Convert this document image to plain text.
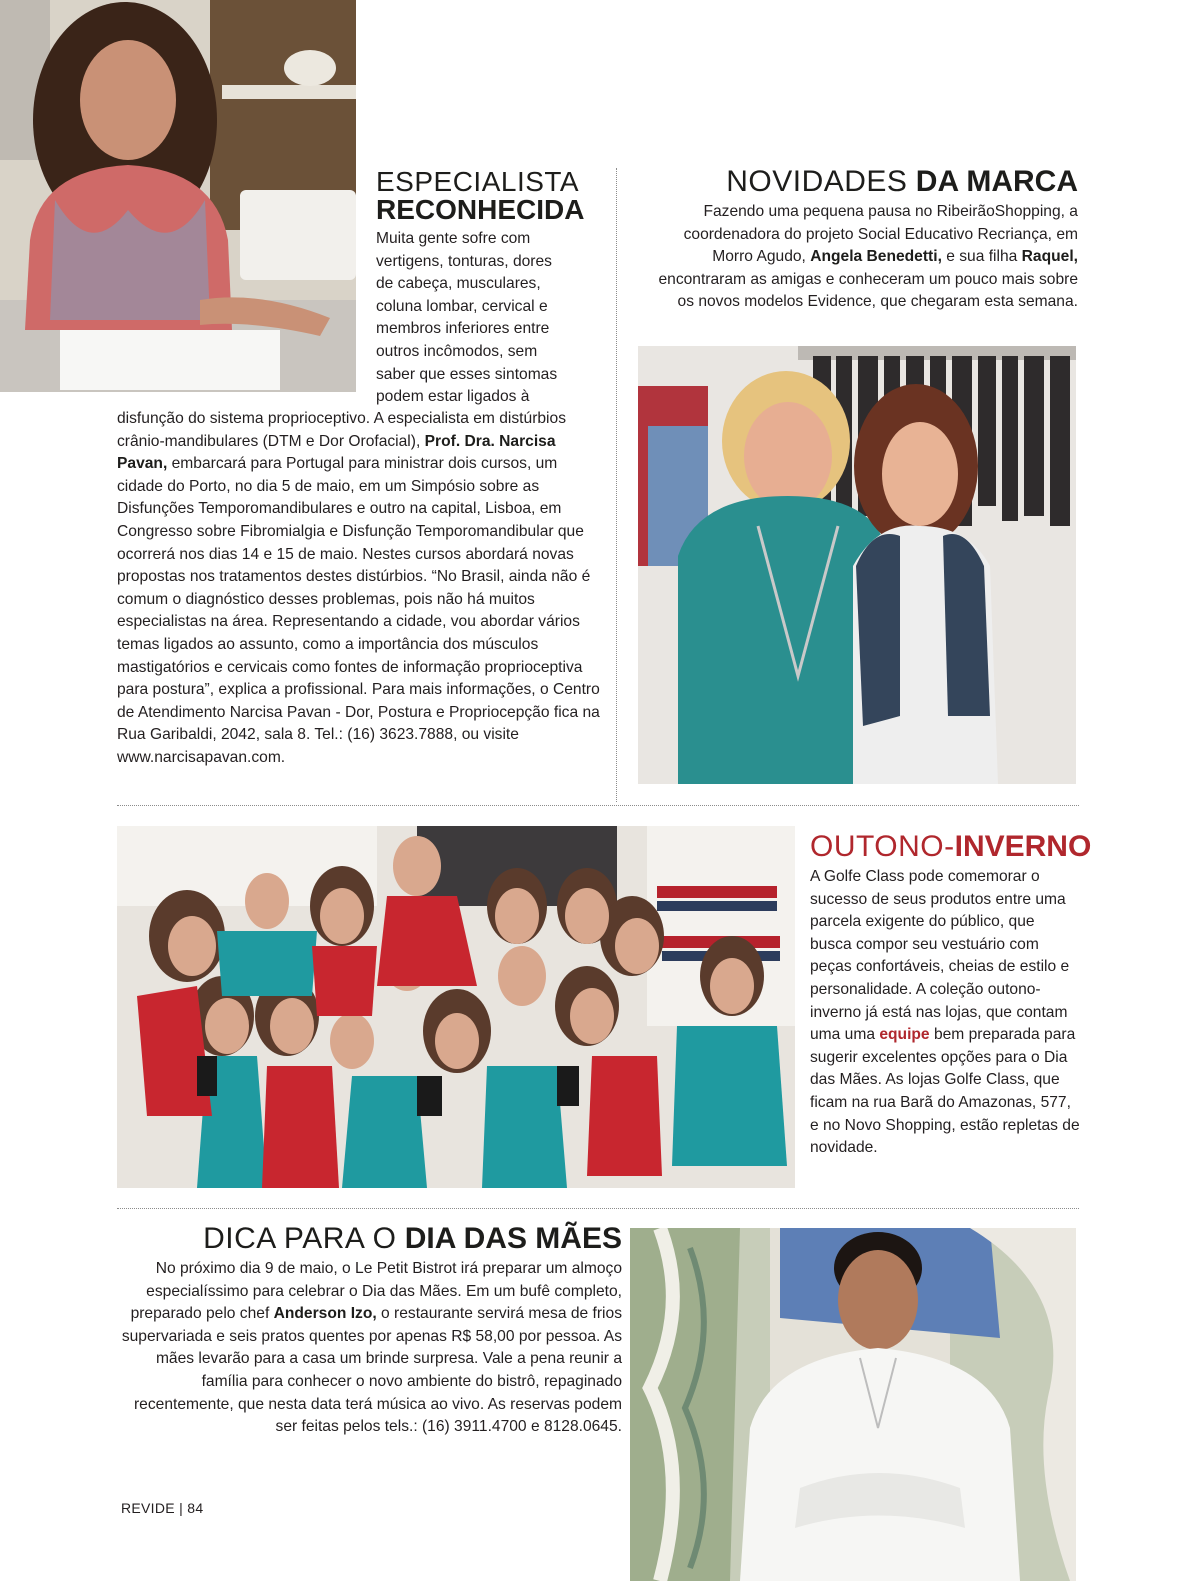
ESPECIALISTA
RECONHECIDA
Muita gente sofre com
vertigens, tonturas, dores
de cabeça, musculares,
coluna lombar, cervical e
membros inferiores entre
outros incômodos, sem
saber que esses sintomas
podem estar ligados à
disfunção do sistema proprioceptivo. A especialista em distúrbios crânio-mandibulares (DTM e Dor Orofacial), Prof. Dra. Narcisa Pavan, embarcará para Portugal para ministrar dois cursos, um cidade do Porto, no dia 5 de maio, em um Simpósio sobre as Disfunções Temporomandibulares e outro na capital, Lisboa, em Congresso sobre Fibromialgia e Disfunção Temporomandibular que ocorrerá nos dias 14 e 15 de maio. Nestes cursos abordará novas propostas nos tratamentos destes distúrbios. “No Brasil, ainda não é comum o diagnóstico desses problemas, pois não há muitos especialistas na área. Representando a cidade, vou abordar vários temas ligados ao assunto, como a importância dos músculos mastigatórios e cervicais como fontes de informação proprioceptiva para postura”, explica a profissional. Para mais informações, o Centro de Atendimento Narcisa Pavan - Dor, Postura e Propriocepção fica na Rua Garibaldi, 2042, sala 8. Tel.: (16) 3623.7888, ou visite www.narcisapavan.com.
NOVIDADES DA MARCA
Fazendo uma pequena pausa no RibeirãoShopping, a coordenadora do projeto Social Educativo Recriança, em Morro Agudo, Angela Benedetti, e sua filha Raquel, encontraram as amigas e conheceram um pouco mais sobre os novos modelos Evidence, que chegaram esta semana.
OUTONO-INVERNO
A Golfe Class pode comemorar o sucesso de seus produtos entre uma parcela exigente do público, que busca compor seu vestuário com peças confortáveis, cheias de estilo e personalidade. A coleção outono-inverno já está nas lojas, que contam uma uma equipe bem preparada para sugerir excelentes opções para o Dia das Mães. As lojas Golfe Class, que ficam na rua Barã do Amazonas, 577, e no Novo Shopping, estão repletas de novidade.
DICA PARA O DIA DAS MÃES
No próximo dia 9 de maio, o Le Petit Bistrot irá preparar um almoço especialíssimo para celebrar o Dia das Mães. Em um bufê completo, preparado pelo chef Anderson Izo, o restaurante servirá mesa de frios supervariada e seis pratos quentes por apenas R$ 58,00 por pessoa. As mães levarão para a casa um brinde surpresa. Vale a pena reunir a família para conhecer o novo ambiente do bistrô, repaginado recentemente, que nesta data terá música ao vivo. As reservas podem ser feitas pelos tels.: (16) 3911.4700 e 8128.0645.
REVIDE | 84
